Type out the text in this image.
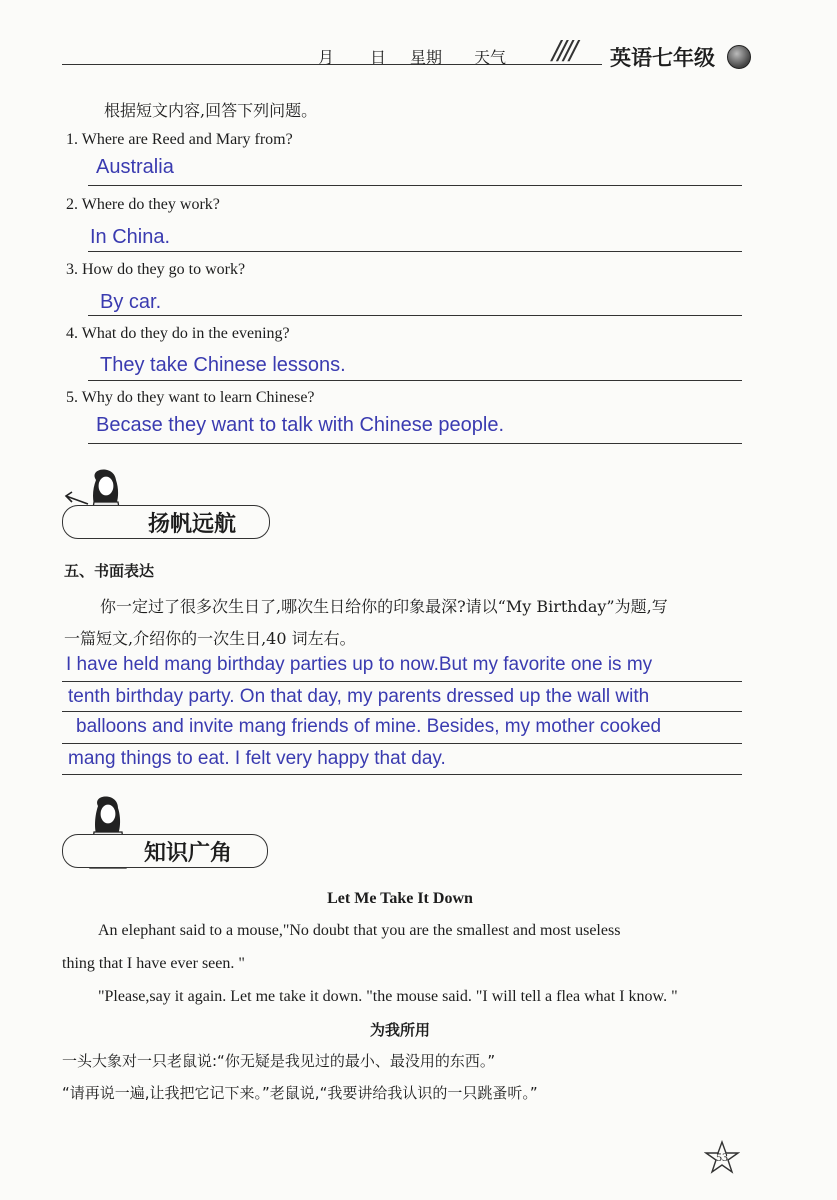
月 日 星期 天气 //// 英语七年级
根据短文内容,回答下列问题。
1. Where are Reed and Mary from?
Australia
2. Where do they work?
In China.
3. How do they go to work?
By car.
4. What do they do in the evening?
They take Chinese lessons.
5. Why do they want to learn Chinese?
Becase they want to talk with Chinese people.
扬帆远航
五、书面表达
你一定过了很多次生日了,哪次生日给你的印象最深?请以“My Birthday”为题,写
一篇短文,介绍你的一次生日,40 词左右。
I have held mang birthday parties up to now.But my favorite one is my
tenth birthday party. On that day, my parents dressed up the wall with
balloons and invite mang friends of mine. Besides, my mother cooked
mang things to eat. I felt very happy that day.
知识广角
Let Me Take It Down
An elephant said to a mouse,"No doubt that you are the smallest and most useless
thing that I have ever seen. "
"Please,say it again. Let me take it down. "the mouse said. "I will tell a flea what I know. "
为我所用
一头大象对一只老鼠说:“你无疑是我见过的最小、最没用的东西。”
“请再说一遍,让我把它记下来。”老鼠说,“我要讲给我认识的一只跳蚤听。”
53
